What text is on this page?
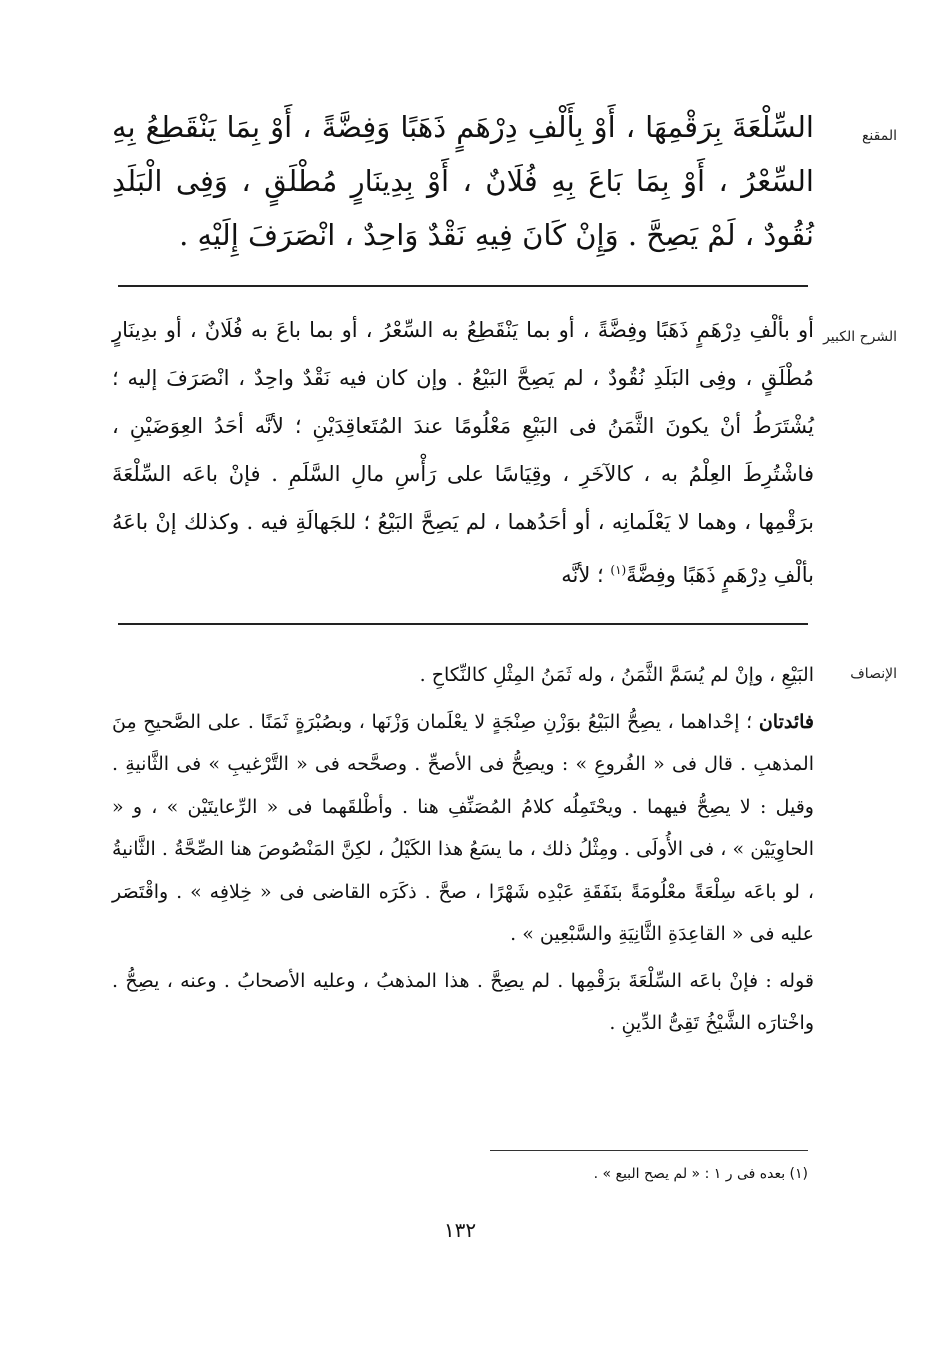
المقنع
السِّلْعَةَ بِرَقْمِهَا ، أَوْ بِأَلْفِ دِرْهَمٍ ذَهَبًا وَفِضَّةً ، أَوْ بِمَا يَنْقَطِعُ بِهِ السِّعْرُ ، أَوْ بِمَا بَاعَ بِهِ فُلَانٌ ، أَوْ بِدِينَارٍ مُطْلَقٍ ، وَفِى الْبَلَدِ نُقُودٌ ، لَمْ يَصِحَّ . وَإِنْ كَانَ فِيهِ نَقْدٌ وَاحِدٌ ، انْصَرَفَ إِلَيْهِ .
الشرح الكبير
أو بألْفِ دِرْهَمٍ ذَهَبًا وفِضَّةً ، أو بما يَنْقَطِعُ به السِّعْرُ ، أو بما باعَ به فُلَانٌ ، أو بدِينَارٍ مُطْلَقٍ ، وفِى البَلَدِ نُقُودٌ ، لم يَصِحَّ البَيْعُ . وإن كان فيه نَقْدٌ واحِدٌ ، انْصَرَفَ إليه ؛ يُشْتَرَطُ أنْ يكونَ الثَّمَنُ فى البَيْعِ مَعْلُومًا عندَ المُتَعاقِدَيْنِ ؛ لأنَّه أحَدُ العِوَضَيْنِ ، فاشْتُرِطَ العِلْمُ به ، كالآخَرِ ، وقِيَاسًا على رَأْسِ مالِ السَّلَمِ . فإنْ باعَه السِّلْعَةَ برَقْمِها ، وهما لا يَعْلَمانِه ، أو أحَدُهما ، لم يَصِحَّ البَيْعُ ؛ للجَهالَةِ فيه . وكذلك إنْ باعَهُ بألْفِ دِرْهَمٍ ذَهَبًا وفِضَّةً$^{(١)}$ ؛ لأنَّه
الإنصاف

البَيْعِ ، وإنْ لم يُسَمَّ الثَّمَنُ ، وله ثَمَنُ المِثْلِ كالنِّكاحِ .

فائدتان ؛ إحْداهما ، يصِحُّ البَيْعُ بوَزْنِ صِنْجَةٍ لا يعْلَمان وَزْنَها ، وبصُبْرَةٍ ثَمَنًا . على الصَّحيحِ مِنَ المذهبِ . قال فى « الفُروعِ » : ويصِحُّ فى الأصحِّ . وصحَّحه فى « التَّرْغيبِ » فى الثَّانيةِ . وقيل : لا يصِحُّ فيهما . ويحْتَمِلُه كلامُ المُصَنِّفِ هنا . وأطْلقَهما فى « الرِّعايتَيْن » ، و « الحاوِيَيْن » ، فى الأُولَى . ومِثْلُ ذلك ، ما يسَعُ هذا الكَيْلُ ، لكِنَّ المَنْصُوصَ هنا الصِّحَّةُ . الثَّانيةُ ، لو باعَه سِلْعَةً معْلُومَةً بنَفَقَةِ عَبْدِه شَهْرًا ، صحَّ . ذكَرَه القاضى فى « خِلافِه » . واقْتَصَر عليه فى « القاعِدَةِ الثَّانِيَةِ والسَّبْعِين » .

قوله : فإنْ باعَه السِّلْعَةَ برَقْمِها . لم يصِحَّ . هذا المذهبُ ، وعليه الأصحابُ . وعنه ، يصِحُّ . واخْتارَه الشَّيْخُ تَقِىُّ الدِّينِ .

(١) بعده فى ر ١ : « لم يصح البيع » .
١٣٢
